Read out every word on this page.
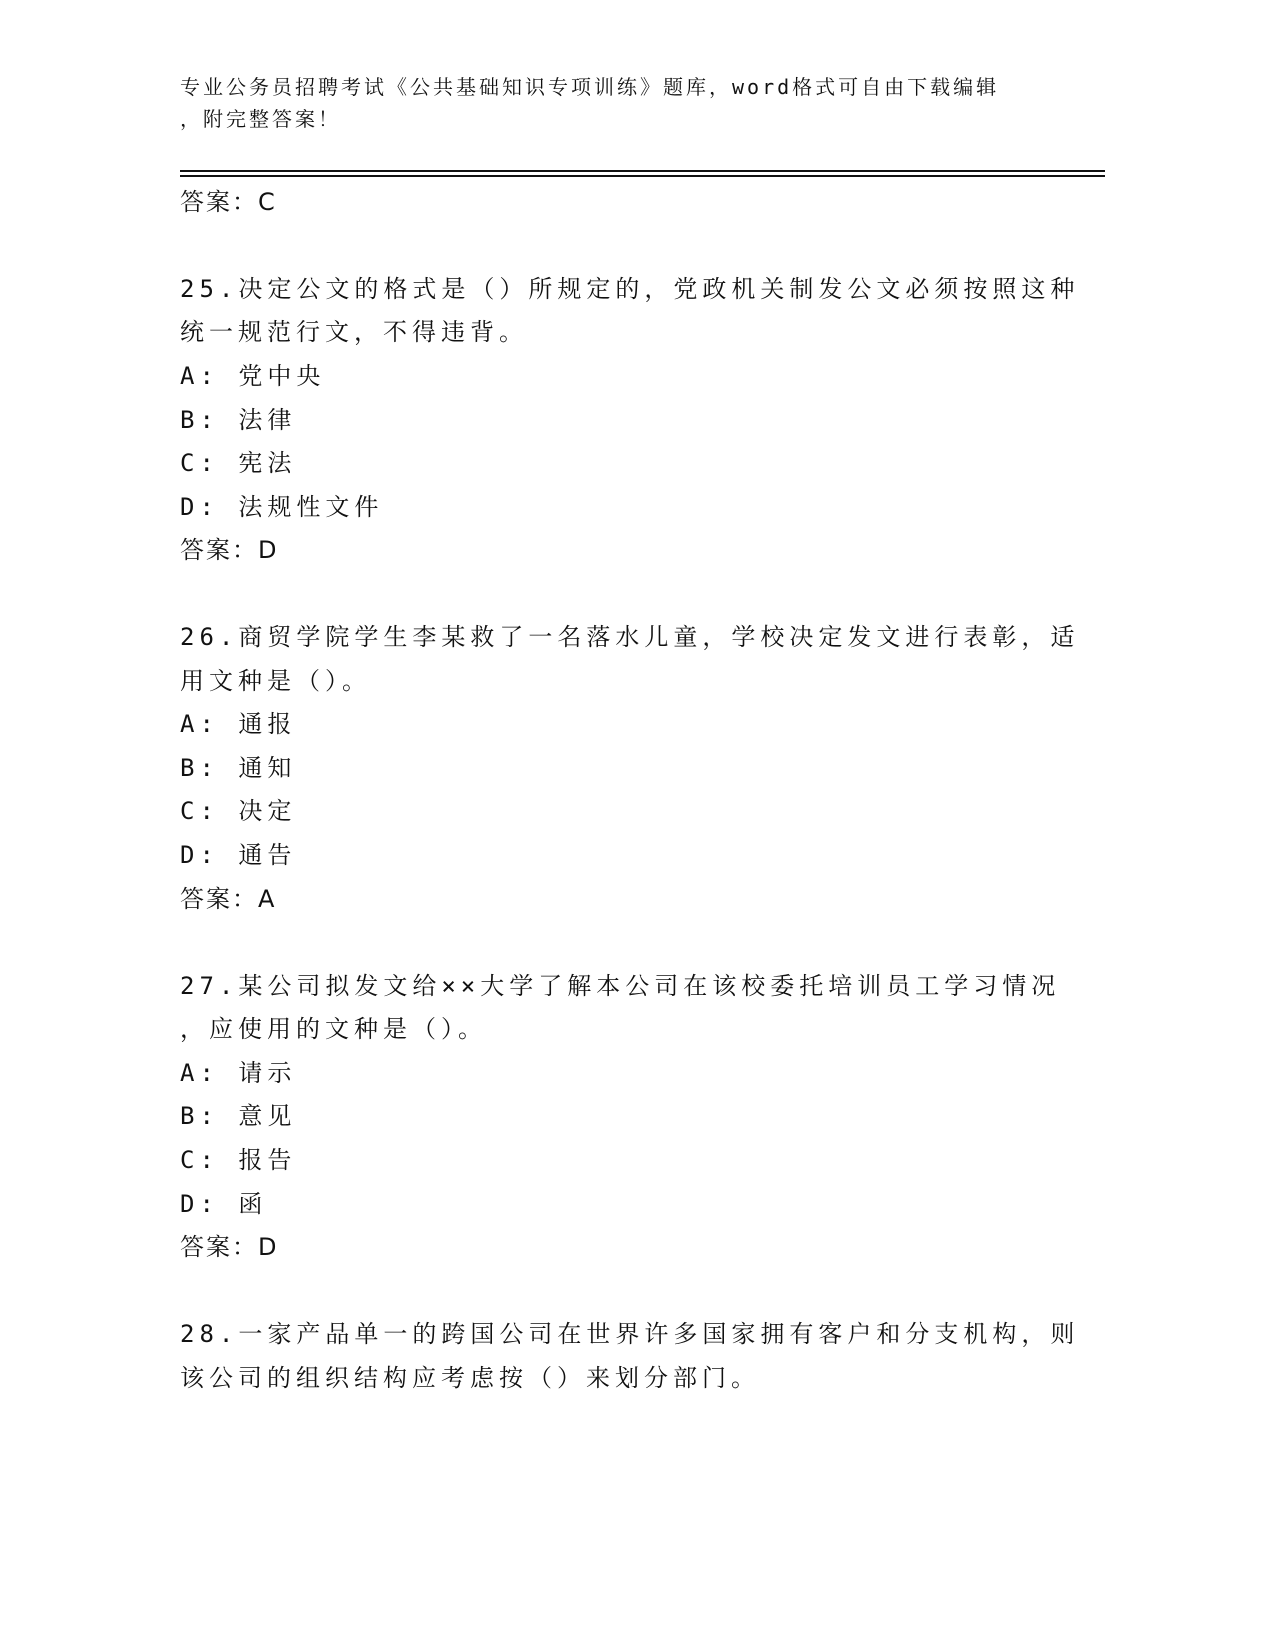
专业公务员招聘考试《公共基础知识专项训练》题库，word格式可自由下载编辑
，附完整答案！
答案：C
25.决定公文的格式是（）所规定的，党政机关制发公文必须按照这种
统一规范行文，不得违背。
A: 党中央
B: 法律
C: 宪法
D: 法规性文件
答案：D
26.商贸学院学生李某救了一名落水儿童，学校决定发文进行表彰，适
用文种是（）。
A: 通报
B: 通知
C: 决定
D: 通告
答案：A
27.某公司拟发文给××大学了解本公司在该校委托培训员工学习情况
，应使用的文种是（）。
A: 请示
B: 意见
C: 报告
D: 函
答案：D
28.一家产品单一的跨国公司在世界许多国家拥有客户和分支机构，则
该公司的组织结构应考虑按（）来划分部门。
